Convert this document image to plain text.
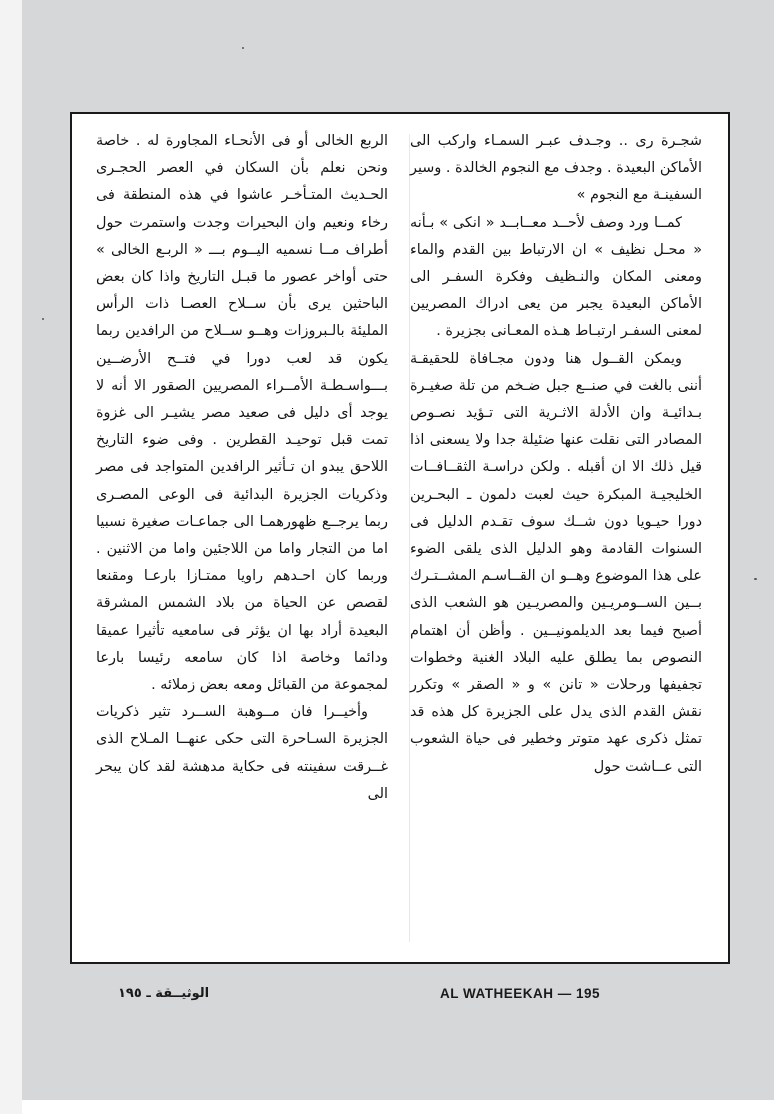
شجـرة رى .. وجـدف عبـر السمـاء واركب الى الأماكن البعيدة . وجدف مع النجوم الخالدة . وسير السفينـة مع النجوم »

كمــا ورد وصف لأحــد معــابــد « انكى » بـأنه « محـل نظيف » ان الارتباط بين القدم والماء ومعنى المكان والنـظيف وفكرة السفـر الى الأماكن البعيدة يجبر من يعى ادراك المصريين لمعنى السفـر ارتبـاط هـذه المعـانى بجزيرة .

ويمكن القــول هنا ودون مجـافاة للحقيقـة أننى بالغت في صنــع جبل ضـخم من تلة صغيـرة بـدائيـة وان الأدلة الاثـرية التى تـؤيد نصـوص المصادر التى نقلت عنها ضئيلة جدا ولا يسعنى اذا قيل ذلك الا ان أقبله . ولكن دراسـة الثقــافــات الخليجيـة المبكرة حيث لعبت دلمون ـ البحـرين دورا حيـويا دون شــك سوف تقـدم الدليل فى السنوات القادمة وهو الدليل الذى يلقى الضوء على هذا الموضوع وهــو ان القــاسـم المشــتـرك بــين الســومريـين والمصريـين هو الشعب الذى أصبح فيما بعد الديلمونيــين . وأظن أن اهتمام النصوص بما يطلق عليه البلاد الغنية وخطوات تجفيفها ورحلات « تانن » و « الصقر » وتكرر نقش القدم الذى يدل على الجزيرة كل هذه قد تمثل ذكرى عهد متوتر وخطير فى حياة الشعوب التى عــاشت حول

الربع الخالى أو فى الأنحـاء المجاورة له . خاصة ونحن نعلم بأن السكان في العصر الحجـرى الحـديث المتـأخـر عاشوا في هذه المنطقة فى رخاء ونعيم وان البحيرات وجدت واستمرت حول أطراف مــا نسميه اليــوم بـــ « الربـع الخالى » حتى أواخر عصور ما قبـل التاريخ واذا كان بعض الباحثين يرى بأن ســلاح العصـا ذات الرأس المليئة بالـبروزات وهــو ســلاح من الرافدين ربما يكون قد لعب دورا في فتــح الأرضــين بـــواسـطـة الأمــراء المصريين الصقور الا أنه لا يوجد أى دليل فى صعيد مصر يشيـر الى غزوة تمت قبل توحيـد القطرين . وفى ضوء التاريخ اللاحق يبدو ان تـأثير الرافدين المتواجد فى مصر وذكريات الجزيرة البدائية فى الوعى المصـرى ربما يرجــع ظهورهمـا الى جماعـات صغيرة نسبيا اما من التجار واما من اللاجئين واما من الاثنين . وربما كان احـدهم راويا ممتـازا بارعـا ومقنعا لقصص عن الحياة من بلاد الشمس المشرقة البعيدة أراد بها ان يؤثر فى سامعيه تأثيرا عميقا ودائما وخاصة اذا كان سامعه رئيسا بارعا لمجموعة من القبائل ومعه بعض زملائه .

وأخيــرا فان مــوهبة الســرد تثير ذكريات الجزيرة السـاحرة التى حكى عنهــا المـلاح الذى غــرقت سفينته فى حكاية مدهشة لقد كان يبحر الى

الوثيــقة ـ ١٩٥	AL WATHEEKAH — 195
